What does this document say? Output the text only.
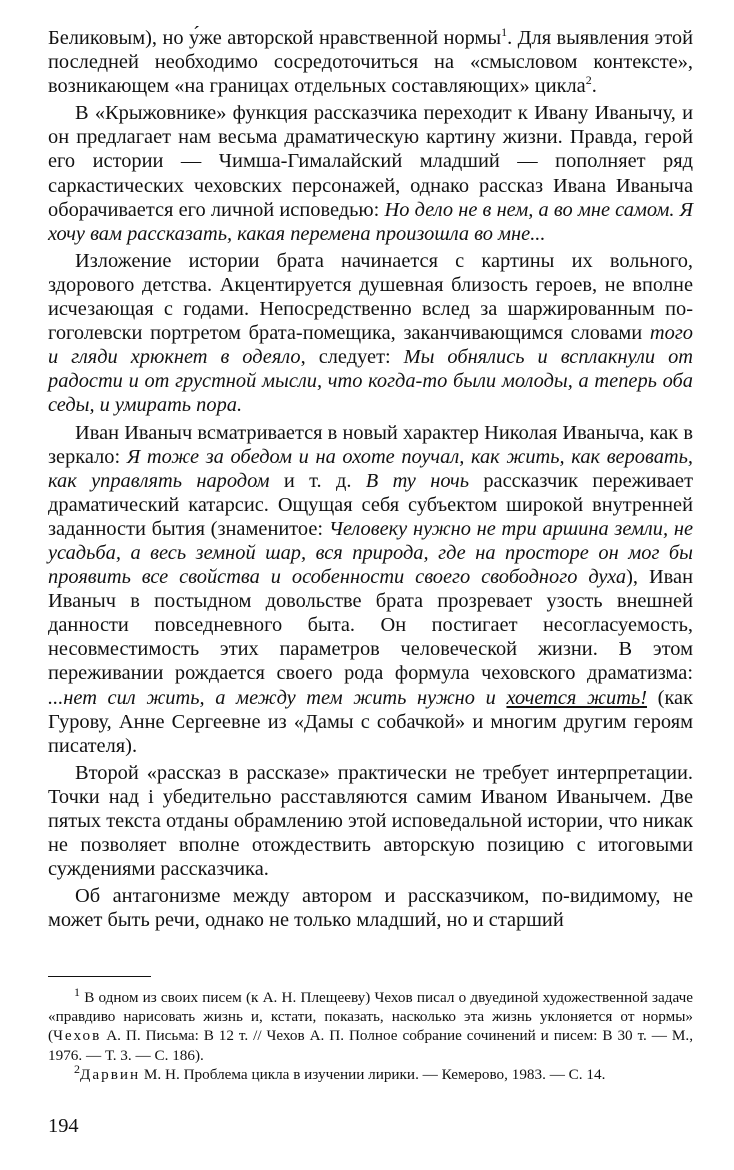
Беликовым), но у́же авторской нравственной нормы$^1$. Для выявления этой последней необходимо сосредоточиться на «смысловом контексте», возникающем «на границах отдельных составляющих» цикла$^2$.

В «Крыжовнике» функция рассказчика переходит к Ивану Иванычу, и он предлагает нам весьма драматическую картину жизни. Правда, герой его истории — Чимша-Гималайский младший — пополняет ряд саркастических чеховских персонажей, однако рассказ Ивана Иваныча оборачивается его личной исповедью: Но дело не в нем, а во мне самом. Я хочу вам рассказать, какая перемена произошла во мне...

Изложение истории брата начинается с картины их вольного, здорового детства. Акцентируется душевная близость героев, не вполне исчезающая с годами. Непосредственно вслед за шаржированным по-гоголевски портретом брата-помещика, заканчивающимся словами того и гляди хрюкнет в одеяло, следует: Мы обнялись и всплакнули от радости и от грустной мысли, что когда-то были молоды, а теперь оба седы, и умирать пора.

Иван Иваныч всматривается в новый характер Николая Иваныча, как в зеркало: Я тоже за обедом и на охоте поучал, как жить, как веровать, как управлять народом и т. д. В ту ночь рассказчик переживает драматический катарсис. Ощущая себя субъектом широкой внутренней заданности бытия (знаменитое: Человеку нужно не три аршина земли, не усадьба, а весь земной шар, вся природа, где на просторе он мог бы проявить все свойства и особенности своего свободного духа), Иван Иваныч в постыдном довольстве брата прозревает узость внешней данности повседневного быта. Он постигает несогласуемость, несовместимость этих параметров человеческой жизни. В этом переживании рождается своего рода формула чеховского драматизма: ...нет сил жить, а между тем жить нужно и хочется жить! (как Гурову, Анне Сергеевне из «Дамы с собачкой» и многим другим героям писателя).

Второй «рассказ в рассказе» практически не требует интерпретации. Точки над i убедительно расставляются самим Иваном Иванычем. Две пятых текста отданы обрамлению этой исповедальной истории, что никак не позволяет вполне отождествить авторскую позицию с итоговыми суждениями рассказчика.

Об антагонизме между автором и рассказчиком, по-видимому, не может быть речи, однако не только младший, но и старший

$^1$ В одном из своих писем (к А. Н. Плещееву) Чехов писал о двуединой художественной задаче «правдиво нарисовать жизнь и, кстати, показать, насколько эта жизнь уклоняется от нормы» (Чехов А. П. Письма: В 12 т. // Чехов А. П. Полное собрание сочинений и писем: В 30 т. — М., 1976. — Т. 3. — С. 186).

$^2$Дарвин М. Н. Проблема цикла в изучении лирики. — Кемерово, 1983. — С. 14.

194
